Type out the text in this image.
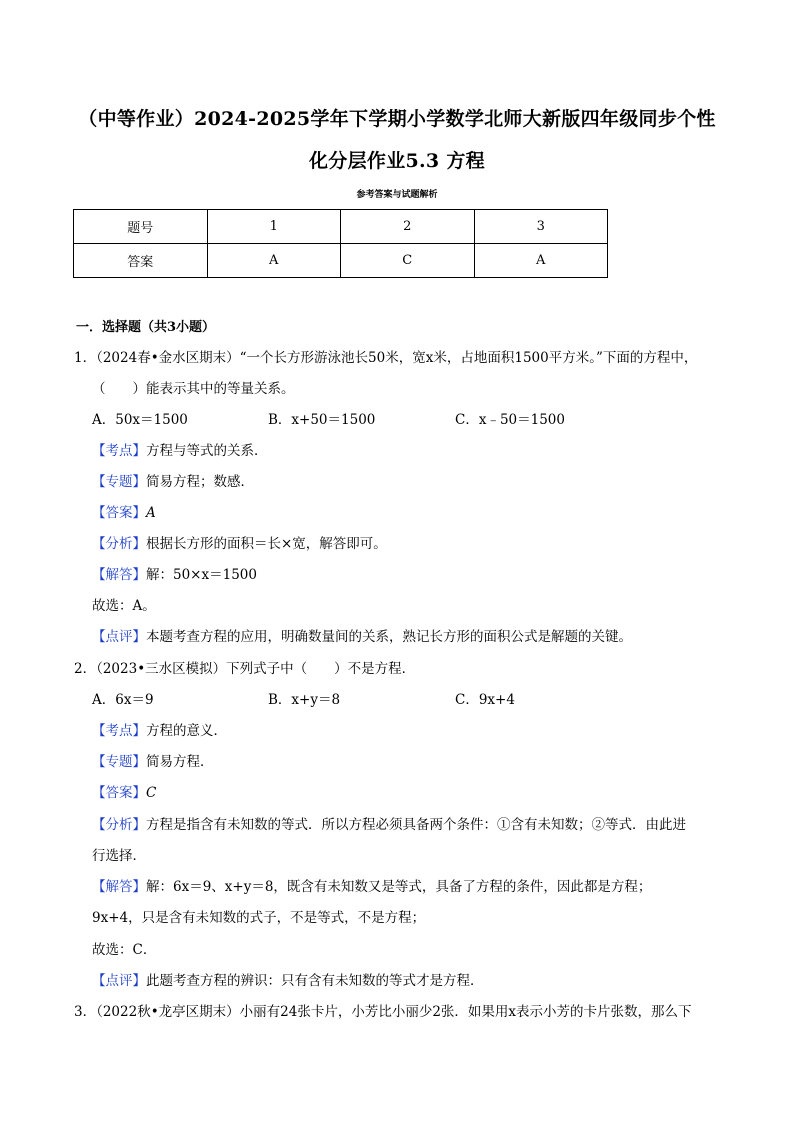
（中等作业）2024-2025学年下学期小学数学北师大新版四年级同步个性
化分层作业5.3 方程
参考答案与试题解析
题号	1	2	3
答案	A	C	A
一．选择题（共3小题）
1．（2024春•金水区期末）“一个长方形游泳池长50米，宽x米，占地面积1500平方米。”下面的方程中，
（　　）能表示其中的等量关系。
A．50x＝1500	B．x+50＝1500	C．x﹣50＝1500
【考点】方程与等式的关系．
【专题】简易方程；数感．
【答案】A
【分析】根据长方形的面积＝长×宽，解答即可。
【解答】解：50×x＝1500
故选：A。
【点评】本题考查方程的应用，明确数量间的关系，熟记长方形的面积公式是解题的关键。
2．（2023•三水区模拟）下列式子中（　　）不是方程．
A．6x＝9	B．x+y＝8	C．9x+4
【考点】方程的意义．
【专题】简易方程．
【答案】C
【分析】方程是指含有未知数的等式．所以方程必须具备两个条件：①含有未知数；②等式．由此进
行选择．
【解答】解：6x＝9、x+y＝8，既含有未知数又是等式，具备了方程的条件，因此都是方程；
9x+4，只是含有未知数的式子，不是等式，不是方程；
故选：C．
【点评】此题考查方程的辨识：只有含有未知数的等式才是方程．
3．（2022秋•龙亭区期末）小丽有24张卡片，小芳比小丽少2张．如果用x表示小芳的卡片张数，那么下
